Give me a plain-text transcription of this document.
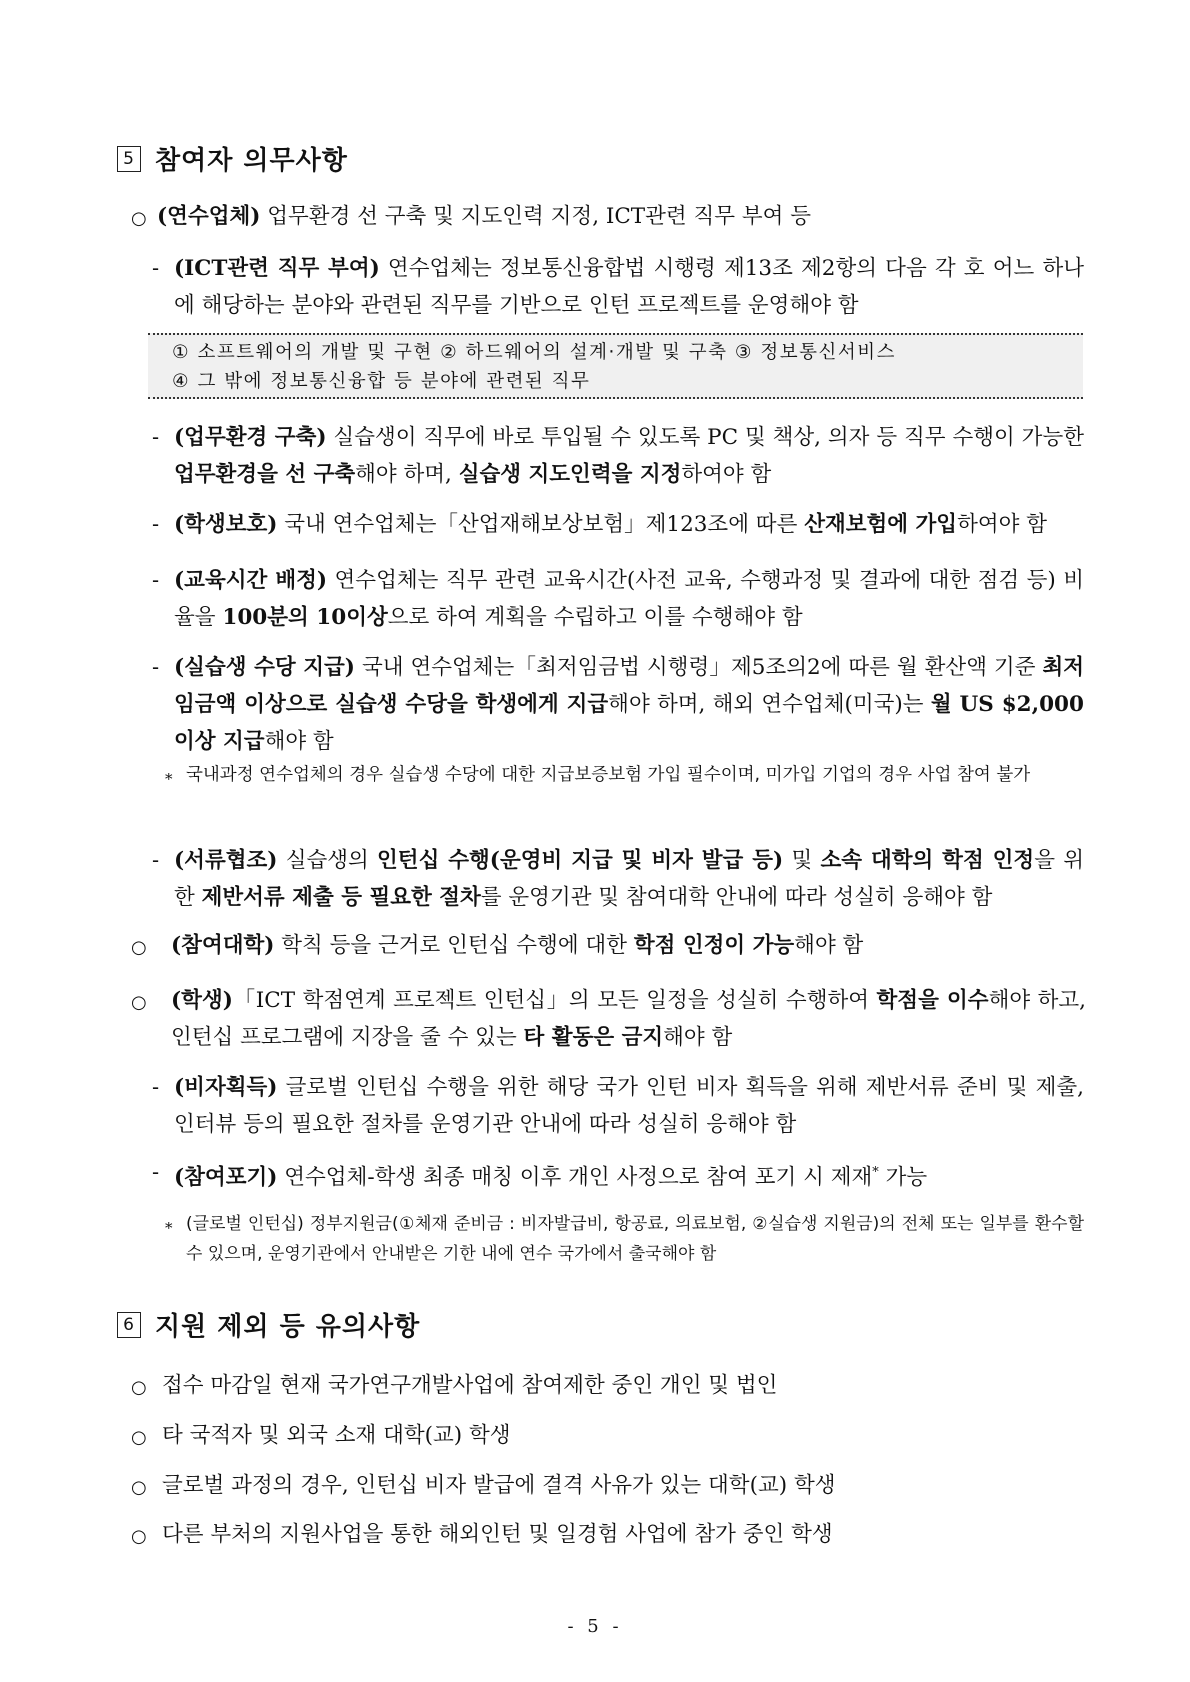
5 참여자 의무사항
○ (연수업체) 업무환경 선 구축 및 지도인력 지정, ICT관련 직무 부여 등
- (ICT관련 직무 부여) 연수업체는 정보통신융합법 시행령 제13조 제2항의 다음 각 호 어느 하나에 해당하는 분야와 관련된 직무를 기반으로 인턴 프로젝트를 운영해야 함
① 소프트웨어의 개발 및 구현 ② 하드웨어의 설계·개발 및 구축 ③ 정보통신서비스
④ 그 밖에 정보통신융합 등 분야에 관련된 직무
- (업무환경 구축) 실습생이 직무에 바로 투입될 수 있도록 PC 및 책상, 의자 등 직무 수행이 가능한 업무환경을 선 구축해야 하며, 실습생 지도인력을 지정하여야 함
- (학생보호) 국내 연수업체는「산업재해보상보험」제123조에 따른 산재보험에 가입하여야 함
- (교육시간 배정) 연수업체는 직무 관련 교육시간(사전 교육, 수행과정 및 결과에 대한 점검 등) 비율을 100분의 10이상으로 하여 계획을 수립하고 이를 수행해야 함
- (실습생 수당 지급) 국내 연수업체는「최저임금법 시행령」제5조의2에 따른 월 환산액 기준 최저임금액 이상으로 실습생 수당을 학생에게 지급해야 하며, 해외 연수업체(미국)는 월 US $2,000 이상 지급해야 함
* 국내과정 연수업체의 경우 실습생 수당에 대한 지급보증보험 가입 필수이며, 미가입 기업의 경우 사업 참여 불가
- (서류협조) 실습생의 인턴십 수행(운영비 지급 및 비자 발급 등) 및 소속 대학의 학점 인정을 위한 제반서류 제출 등 필요한 절차를 운영기관 및 참여대학 안내에 따라 성실히 응해야 함
○ (참여대학) 학칙 등을 근거로 인턴십 수행에 대한 학점 인정이 가능해야 함
○ (학생)「ICT 학점연계 프로젝트 인턴십」의 모든 일정을 성실히 수행하여 학점을 이수해야 하고, 인턴십 프로그램에 지장을 줄 수 있는 타 활동은 금지해야 함
- (비자획득) 글로벌 인턴십 수행을 위한 해당 국가 인턴 비자 획득을 위해 제반서류 준비 및 제출, 인터뷰 등의 필요한 절차를 운영기관 안내에 따라 성실히 응해야 함
- (참여포기) 연수업체-학생 최종 매칭 이후 개인 사정으로 참여 포기 시 제재* 가능
* (글로벌 인턴십) 정부지원금(①체재 준비금 : 비자발급비, 항공료, 의료보험, ②실습생 지원금)의 전체 또는 일부를 환수할 수 있으며, 운영기관에서 안내받은 기한 내에 연수 국가에서 출국해야 함
6 지원 제외 등 유의사항
○ 접수 마감일 현재 국가연구개발사업에 참여제한 중인 개인 및 법인
○ 타 국적자 및 외국 소재 대학(교) 학생
○ 글로벌 과정의 경우, 인턴십 비자 발급에 결격 사유가 있는 대학(교) 학생
○ 다른 부처의 지원사업을 통한 해외인턴 및 일경험 사업에 참가 중인 학생
- 5 -
